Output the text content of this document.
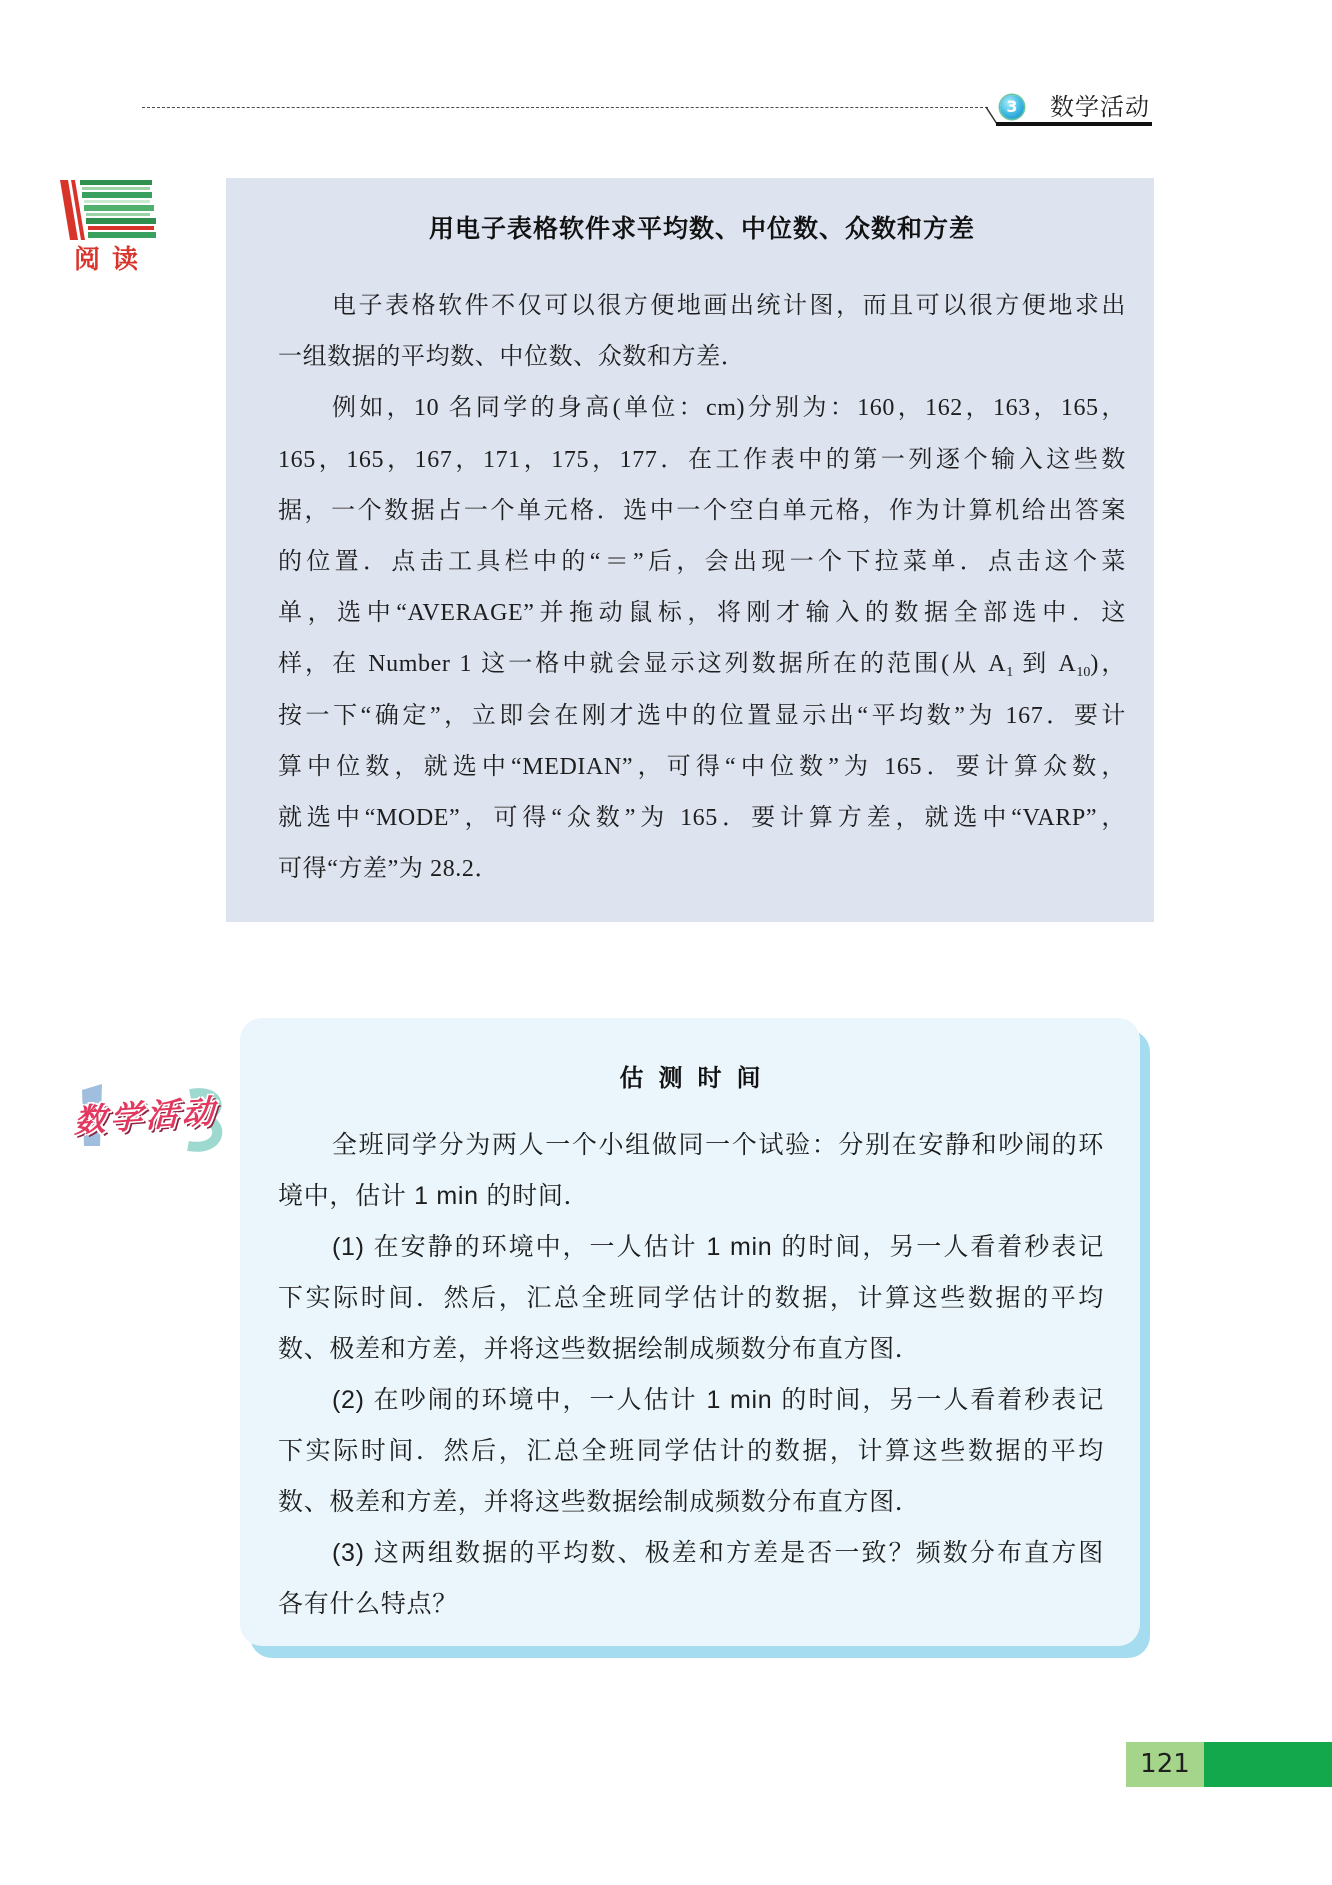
3 数学活动
阅读
用电子表格软件求平均数、中位数、众数和方差
电子表格软件不仅可以很方便地画出统计图，而且可以很方便地求出
一组数据的平均数、中位数、众数和方差．
例如，10 名同学的身高(单位：cm)分别为：160，162，163，165，
165，165，167，171，175，177．在工作表中的第一列逐个输入这些数
据，一个数据占一个单元格．选中一个空白单元格，作为计算机给出答案
的位置．点击工具栏中的“＝”后，会出现一个下拉菜单．点击这个菜
单，选中“AVERAGE”并拖动鼠标，将刚才输入的数据全部选中．这
样，在 Number 1 这一格中就会显示这列数据所在的范围(从 $A_1$ 到 $A_{10}$)，
按一下“确定”，立即会在刚才选中的位置显示出“平均数”为 167．要计
算中位数，就选中“MEDIAN”，可得“中位数”为 165．要计算众数，
就选中“MODE”，可得“众数”为 165．要计算方差，就选中“VARP”，
可得“方差”为 28.2．
数学活动
估测时间
全班同学分为两人一个小组做同一个试验：分别在安静和吵闹的环
境中，估计 1 min 的时间．
(1) 在安静的环境中，一人估计 1 min 的时间，另一人看着秒表记
下实际时间．然后，汇总全班同学估计的数据，计算这些数据的平均
数、极差和方差，并将这些数据绘制成频数分布直方图．
(2) 在吵闹的环境中，一人估计 1 min 的时间，另一人看着秒表记
下实际时间．然后，汇总全班同学估计的数据，计算这些数据的平均
数、极差和方差，并将这些数据绘制成频数分布直方图．
(3) 这两组数据的平均数、极差和方差是否一致？频数分布直方图
各有什么特点？
121
